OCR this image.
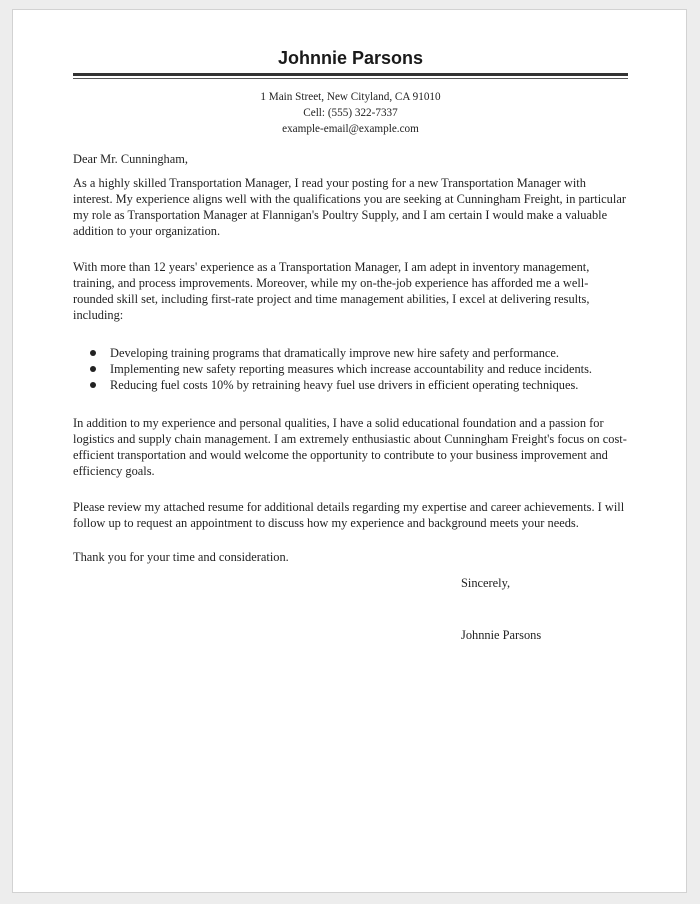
Johnnie Parsons
1 Main Street, New Cityland, CA 91010
Cell: (555) 322-7337
example-email@example.com
Dear Mr. Cunningham,

As a highly skilled Transportation Manager, I read your posting for a new Transportation Manager with interest. My experience aligns well with the qualifications you are seeking at Cunningham Freight, in particular my role as Transportation Manager at Flannigan's Poultry Supply, and I am certain I would make a valuable addition to your organization.

With more than 12 years' experience as a Transportation Manager, I am adept in inventory management, training, and process improvements. Moreover, while my on-the-job experience has afforded me a well-rounded skill set, including first-rate project and time management abilities, I excel at delivering results, including:

Developing training programs that dramatically improve new hire safety and performance.
Implementing new safety reporting measures which increase accountability and reduce incidents.
Reducing fuel costs 10% by retraining heavy fuel use drivers in efficient operating techniques.

In addition to my experience and personal qualities, I have a solid educational foundation and a passion for logistics and supply chain management. I am extremely enthusiastic about Cunningham Freight's focus on cost-efficient transportation and would welcome the opportunity to contribute to your business improvement and efficiency goals.

Please review my attached resume for additional details regarding my expertise and career achievements. I will follow up to request an appointment to discuss how my experience and background meets your needs.

Thank you for your time and consideration.

Sincerely,
Johnnie Parsons
